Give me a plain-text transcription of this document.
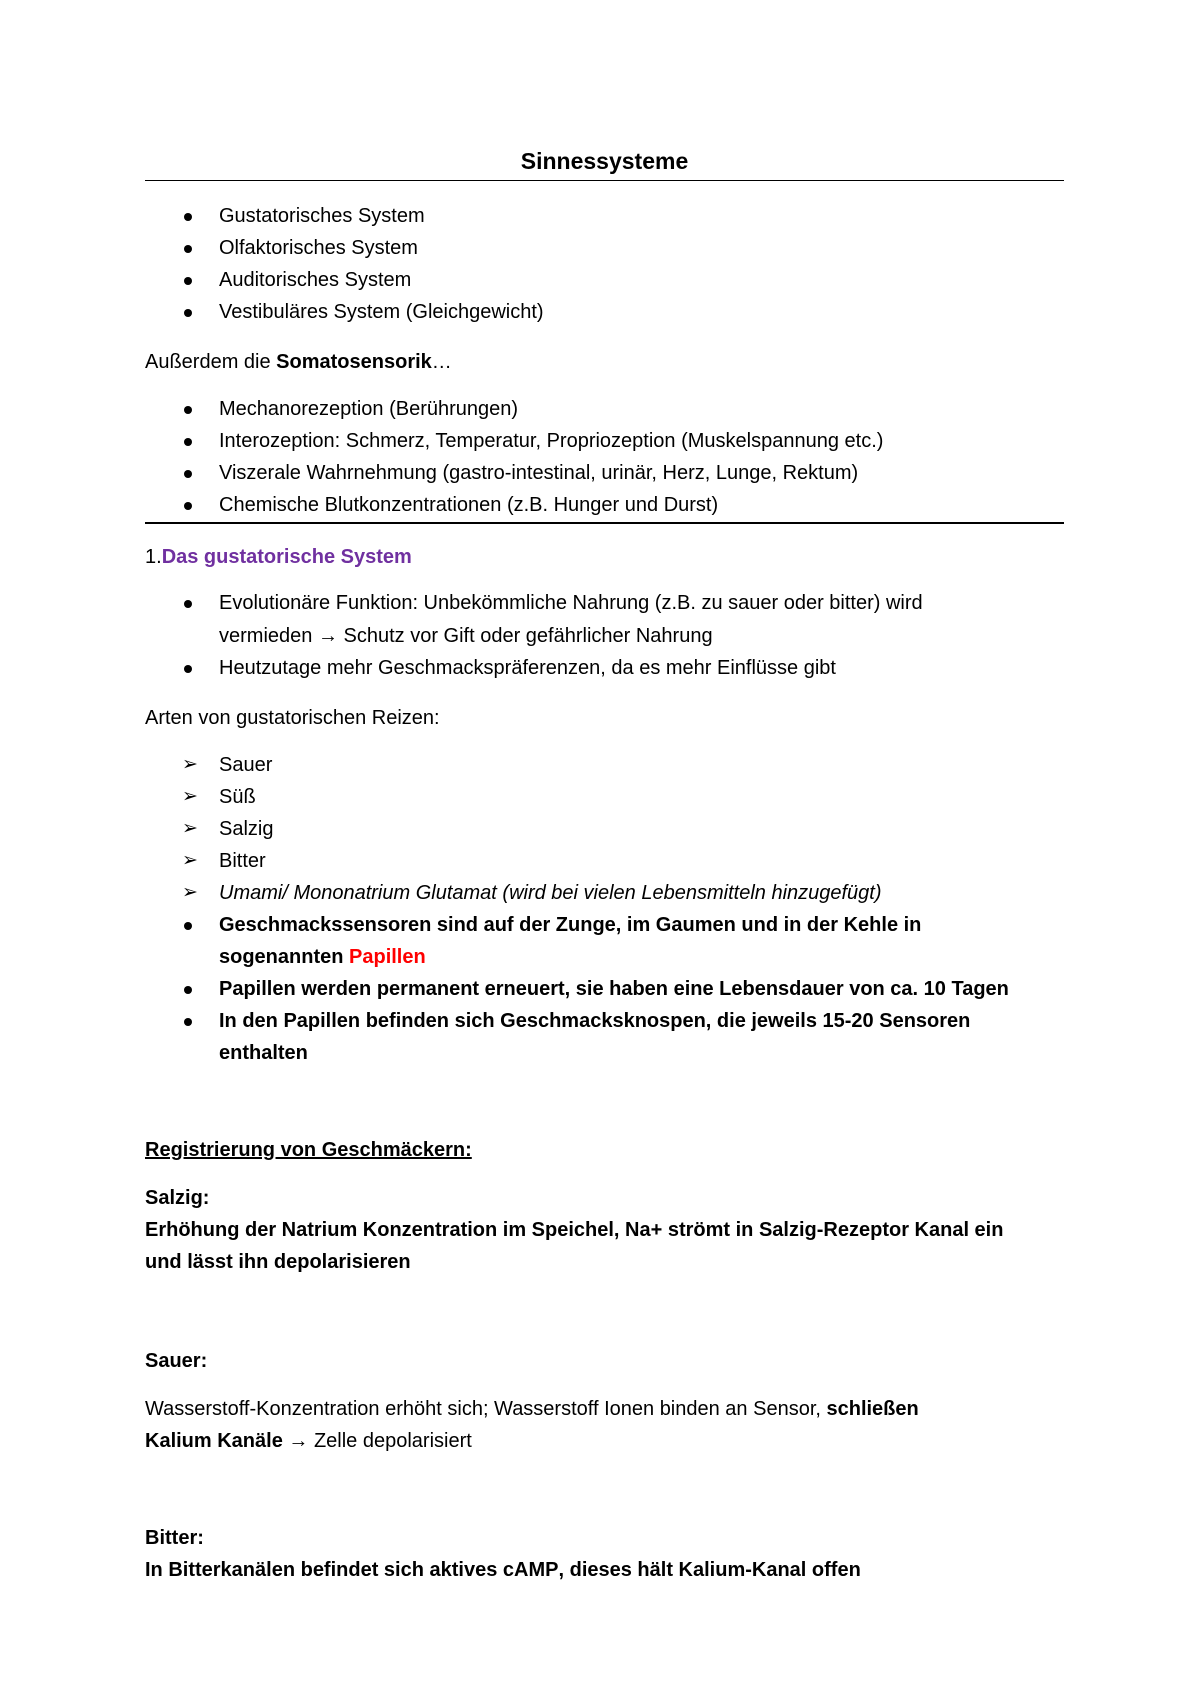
Sinnessysteme
Gustatorisches System
Olfaktorisches System
Auditorisches System
Vestibuläres System (Gleichgewicht)
Außerdem die Somatosensorik…
Mechanorezeption (Berührungen)
Interozeption: Schmerz, Temperatur, Propriozeption (Muskelspannung etc.)
Viszerale Wahrnehmung (gastro-intestinal, urinär, Herz, Lunge, Rektum)
Chemische Blutkonzentrationen (z.B. Hunger und Durst)
1.Das gustatorische System
Evolutionäre Funktion: Unbekömmliche Nahrung (z.B. zu sauer oder bitter) wird
vermieden → Schutz vor Gift oder gefährlicher Nahrung
Heutzutage mehr Geschmackspräferenzen, da es mehr Einflüsse gibt
Arten von gustatorischen Reizen:
➢ Sauer
➢ Süß
➢ Salzig
➢ Bitter
➢ Umami/ Mononatrium Glutamat (wird bei vielen Lebensmitteln hinzugefügt)
Geschmackssensoren sind auf der Zunge, im Gaumen und in der Kehle in
sogenannten Papillen
Papillen werden permanent erneuert, sie haben eine Lebensdauer von ca. 10 Tagen
In den Papillen befinden sich Geschmacksknospen, die jeweils 15-20 Sensoren
enthalten
Registrierung von Geschmäckern:
Salzig:
Erhöhung der Natrium Konzentration im Speichel, Na+ strömt in Salzig-Rezeptor Kanal ein
und lässt ihn depolarisieren
Sauer:
Wasserstoff-Konzentration erhöht sich; Wasserstoff Ionen binden an Sensor, schließen
Kalium Kanäle → Zelle depolarisiert
Bitter:
In Bitterkanälen befindet sich aktives cAMP, dieses hält Kalium-Kanal offen
